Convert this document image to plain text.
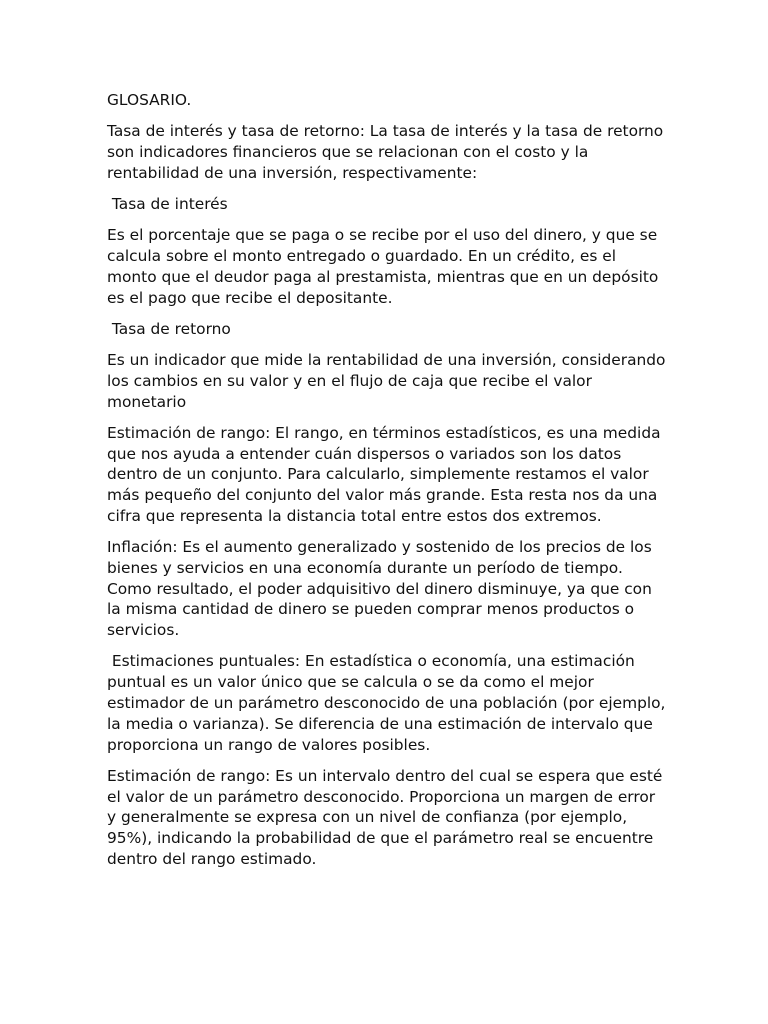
GLOSARIO.

Tasa de interés y tasa de retorno: La tasa de interés y la tasa de retorno son indicadores financieros que se relacionan con el costo y la rentabilidad de una inversión, respectivamente:

Tasa de interés

Es el porcentaje que se paga o se recibe por el uso del dinero, y que se calcula sobre el monto entregado o guardado. En un crédito, es el monto que el deudor paga al prestamista, mientras que en un depósito es el pago que recibe el depositante.

Tasa de retorno

Es un indicador que mide la rentabilidad de una inversión, considerando los cambios en su valor y en el flujo de caja que recibe el valor monetario

Estimación de rango: El rango, en términos estadísticos, es una medida que nos ayuda a entender cuán dispersos o variados son los datos dentro de un conjunto. Para calcularlo, simplemente restamos el valor más pequeño del conjunto del valor más grande. Esta resta nos da una cifra que representa la distancia total entre estos dos extremos.

Inflación: Es el aumento generalizado y sostenido de los precios de los bienes y servicios en una economía durante un período de tiempo. Como resultado, el poder adquisitivo del dinero disminuye, ya que con la misma cantidad de dinero se pueden comprar menos productos o servicios.

Estimaciones puntuales: En estadística o economía, una estimación puntual es un valor único que se calcula o se da como el mejor estimador de un parámetro desconocido de una población (por ejemplo, la media o varianza). Se diferencia de una estimación de intervalo que proporciona un rango de valores posibles.

Estimación de rango: Es un intervalo dentro del cual se espera que esté el valor de un parámetro desconocido. Proporciona un margen de error y generalmente se expresa con un nivel de confianza (por ejemplo, 95%), indicando la probabilidad de que el parámetro real se encuentre dentro del rango estimado.
